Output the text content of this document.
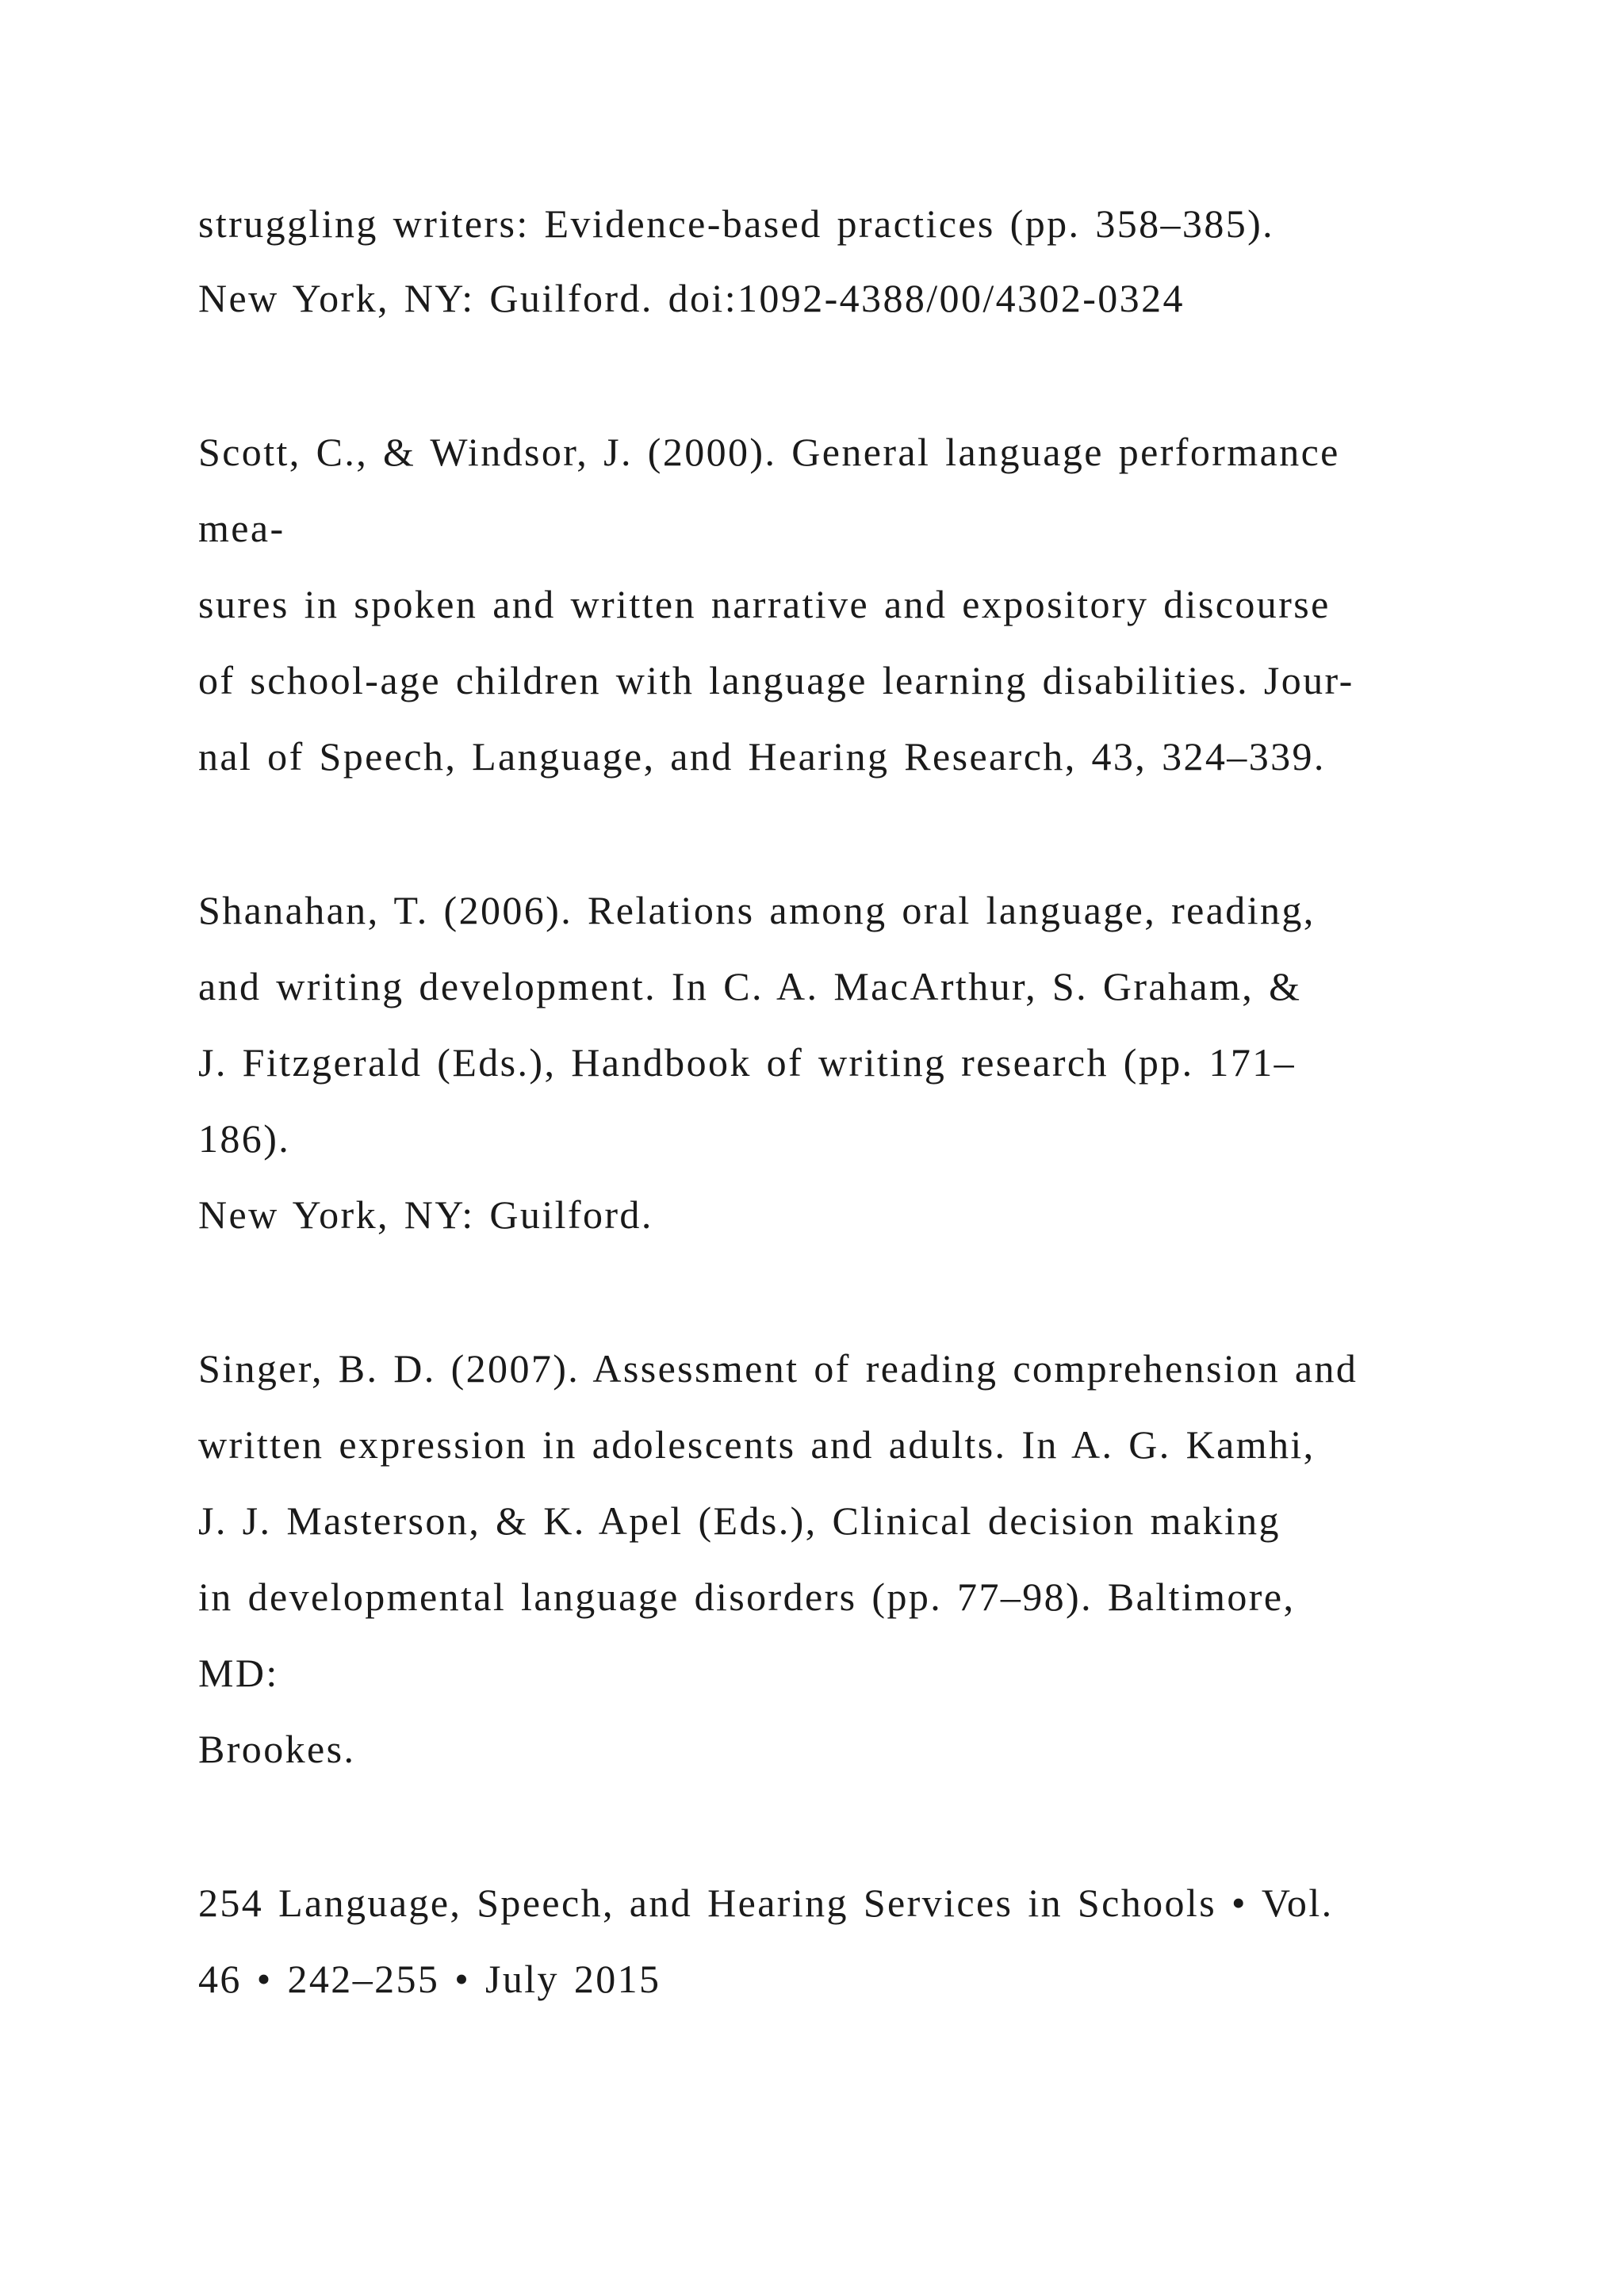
struggling writers: Evidence-based practices (pp. 358–385).
New York, NY: Guilford. doi:1092-4388/00/4302-0324
Scott, C., & Windsor, J. (2000). General language performance
mea-
sures in spoken and written narrative and expository discourse
of school-age children with language learning disabilities. Jour-
nal of Speech, Language, and Hearing Research, 43, 324–339.
Shanahan, T. (2006). Relations among oral language, reading,
and writing development. In C. A. MacArthur, S. Graham, &
J. Fitzgerald (Eds.), Handbook of writing research (pp. 171–
186).
New York, NY: Guilford.
Singer, B. D. (2007). Assessment of reading comprehension and
written expression in adolescents and adults. In A. G. Kamhi,
J. J. Masterson, & K. Apel (Eds.), Clinical decision making
in developmental language disorders (pp. 77–98). Baltimore,
MD:
Brookes.
254 Language, Speech, and Hearing Services in Schools • Vol.
46 • 242–255 • July 2015
